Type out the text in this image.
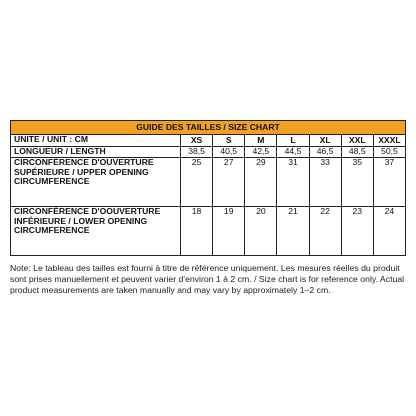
GUIDE DES TAILLES / SIZE CHART							
UNITE / UNIT : CM	XS	S	M	L	XL	XXL	XXXL
LONGUEUR / LENGTH	38,5	40,5	42,5	44,5	46,5	48,5	50,5
CIRCONFÉRENCE D'OUVERTURE SUPÉRIEURE / UPPER OPENING CIRCUMFERENCE	25	27	29	31	33	35	37
CIRCONFÉRENCE D'OOUVERTURE INFÉRIEURE / LOWER OPENING CIRCUMFERENCE	18	19	20	21	22	23	24

Note: Le tableau des tailles est fourni à titre de référence uniquement. Les mesures réelles du produit sont prises manuellement et peuvent varier d'environ 1 à 2 cm. / Size chart is for reference only. Actual product measurements are taken manually and may vary by approximately 1–2 cm.
